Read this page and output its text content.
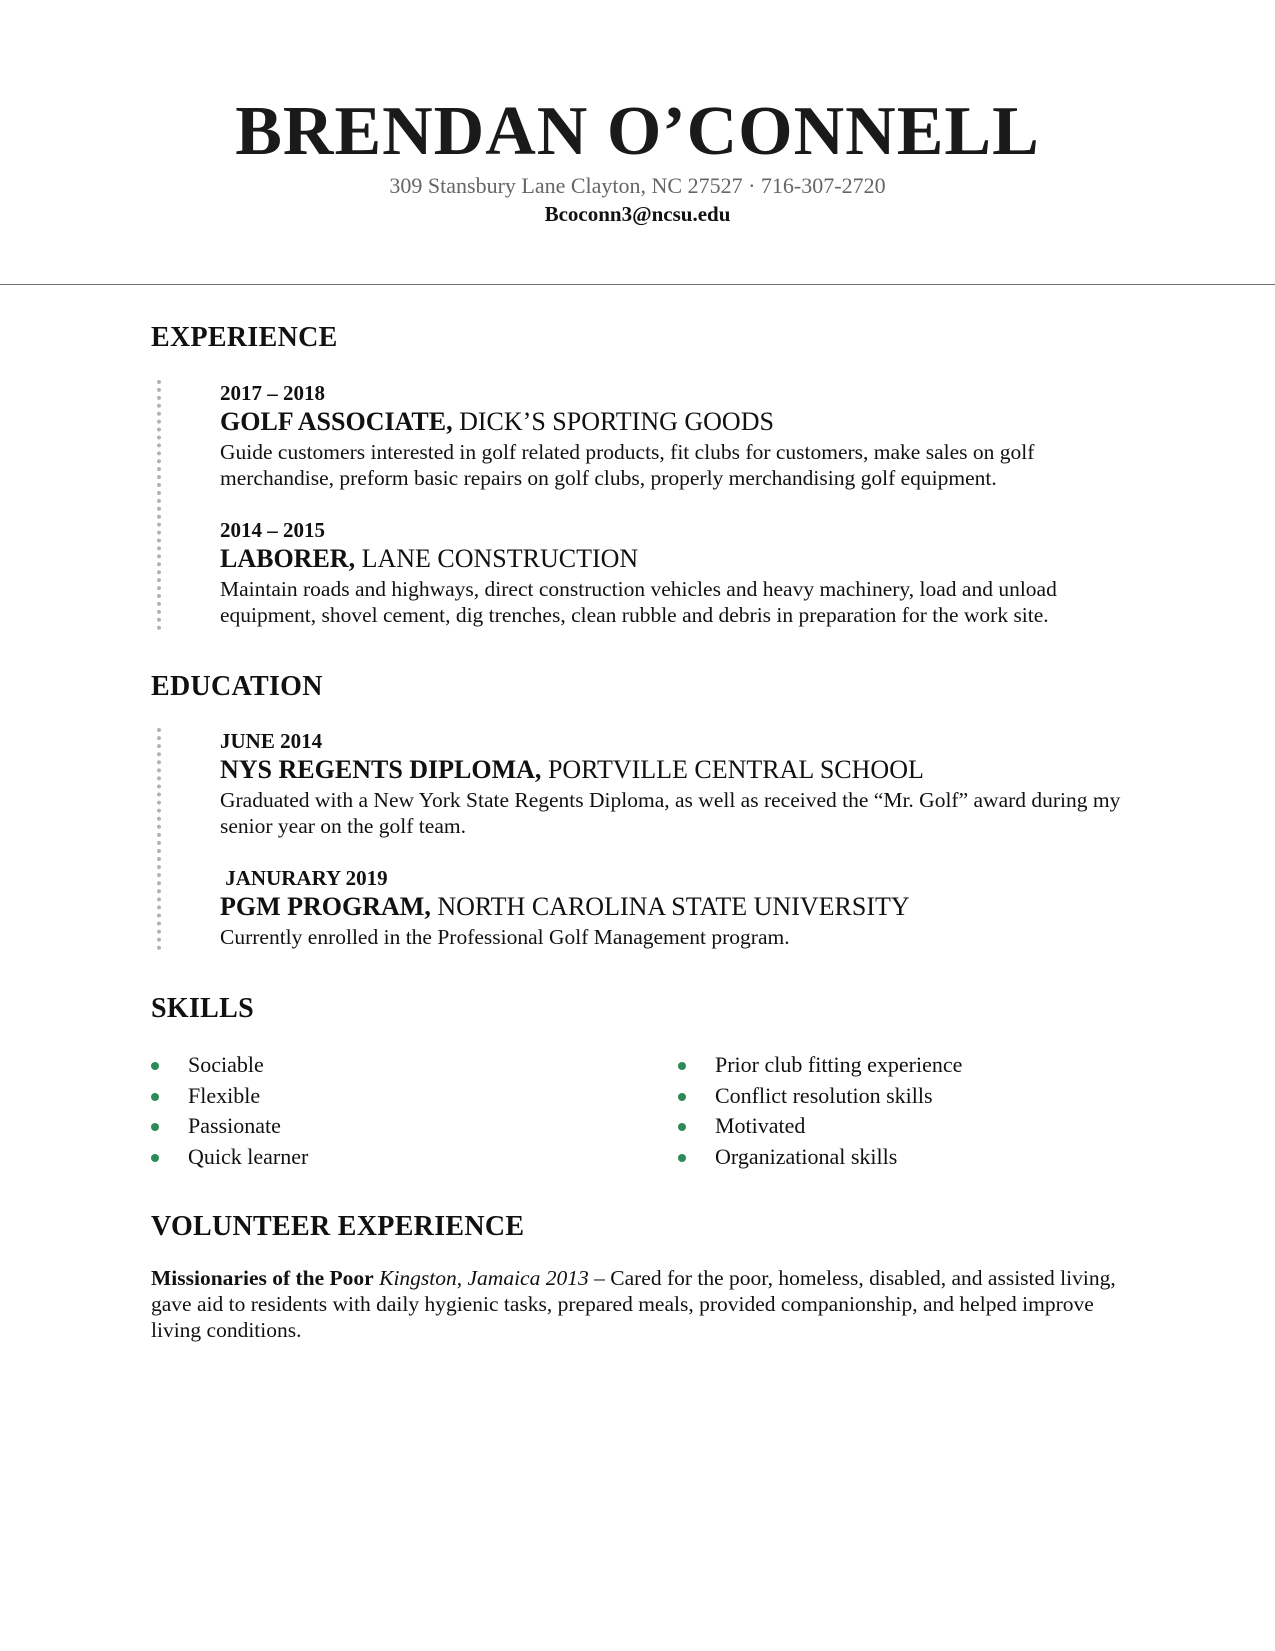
BRENDAN O’CONNELL
309 Stansbury Lane Clayton, NC 27527 · 716-307-2720
Bcoconn3@ncsu.edu
EXPERIENCE
2017 – 2018
GOLF ASSOCIATE, DICK’S SPORTING GOODS
Guide customers interested in golf related products, fit clubs for customers, make sales on golf merchandise, preform basic repairs on golf clubs, properly merchandising golf equipment.
2014 – 2015
LABORER, LANE CONSTRUCTION
Maintain roads and highways, direct construction vehicles and heavy machinery, load and unload equipment, shovel cement, dig trenches, clean rubble and debris in preparation for the work site.
EDUCATION
JUNE 2014
NYS REGENTS DIPLOMA, PORTVILLE CENTRAL SCHOOL
Graduated with a New York State Regents Diploma, as well as received the “Mr. Golf” award during my senior year on the golf team.
JANURARY 2019
PGM PROGRAM, NORTH CAROLINA STATE UNIVERSITY
Currently enrolled in the Professional Golf Management program.
SKILLS
Sociable
Flexible
Passionate
Quick learner
Prior club fitting experience
Conflict resolution skills
Motivated
Organizational skills
VOLUNTEER EXPERIENCE
Missionaries of the Poor Kingston, Jamaica 2013 – Cared for the poor, homeless, disabled, and assisted living, gave aid to residents with daily hygienic tasks, prepared meals, provided companionship, and helped improve living conditions.
